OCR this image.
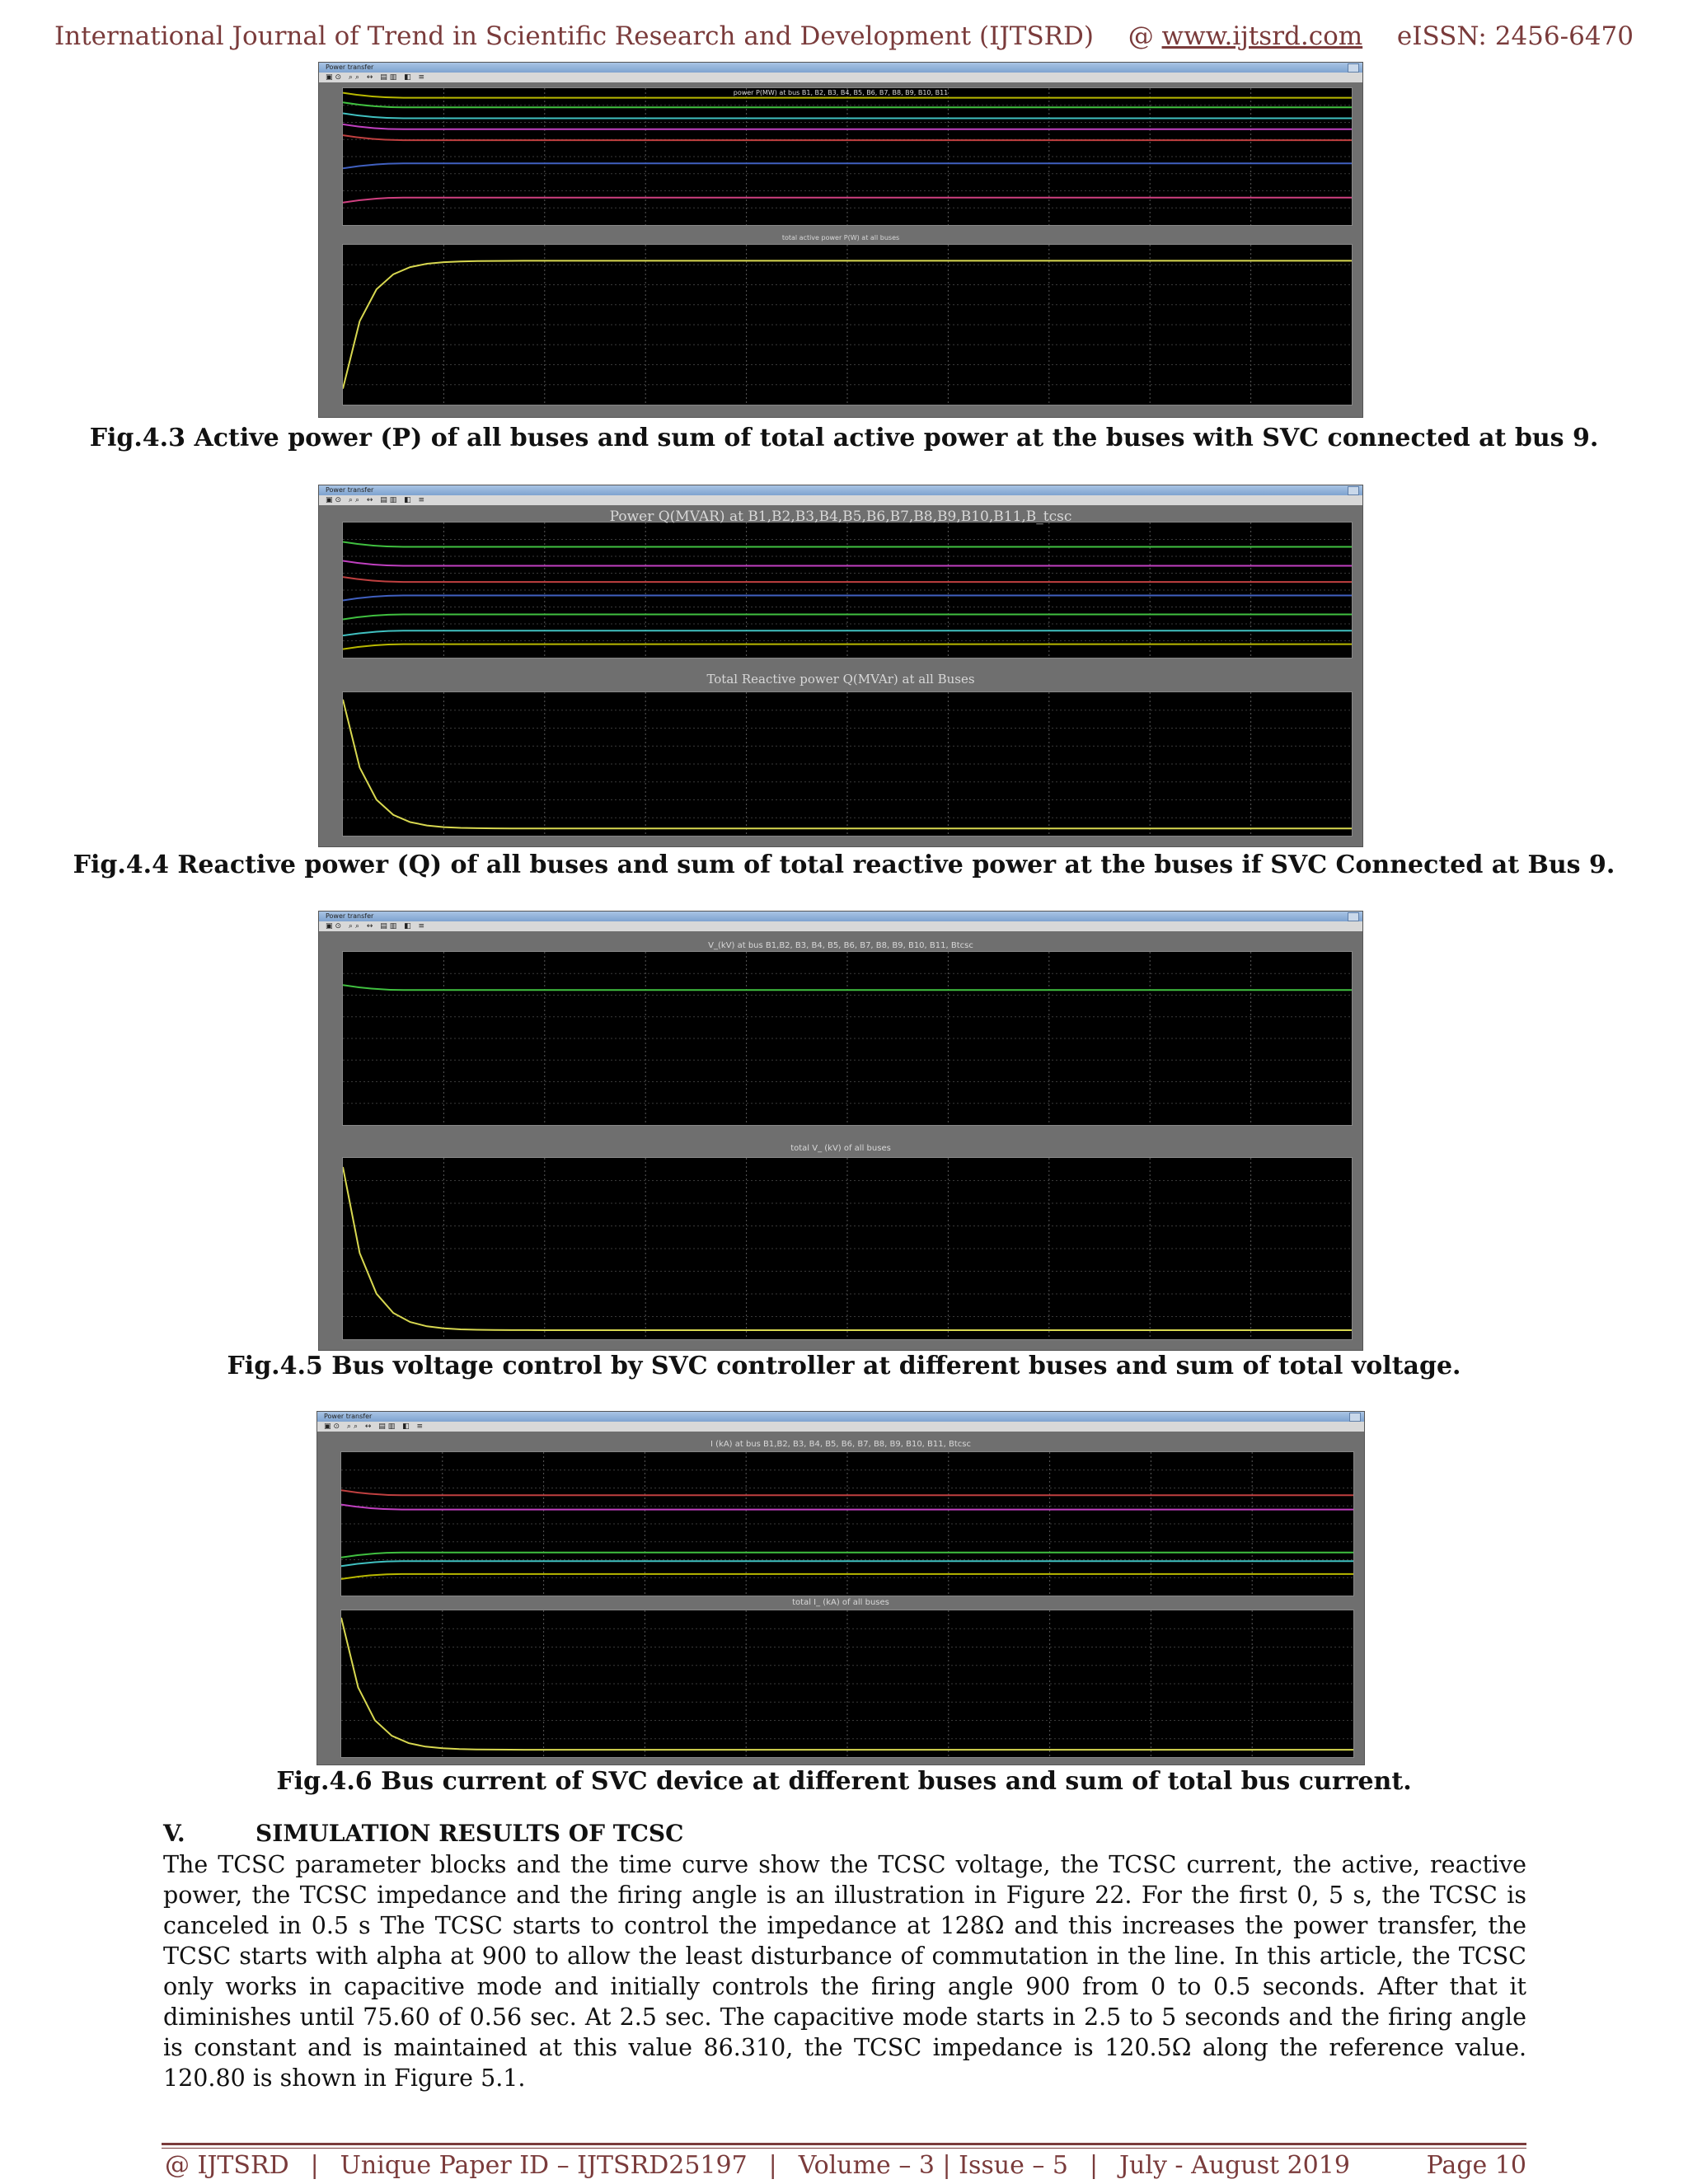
International Journal of Trend in Scientific Research and Development (IJTSRD) @ www.ijtsrd.com eISSN: 2456-6470
Power transfer
▣⊙ ⌕⌕ ↔ ▤▥ ◧ ≡
power P(MW) at bus B1, B2, B3, B4, B5, B6, B7, B8, B9, B10, B11
total active power P(W) at all buses
Fig.4.3 Active power (P) of all buses and sum of total active power at the buses with SVC connected at bus 9.
Power transfer
▣⊙ ⌕⌕ ↔ ▤▥ ◧ ≡
Power Q(MVAR) at B1,B2,B3,B4,B5,B6,B7,B8,B9,B10,B11,B_tcsc
Total Reactive power Q(MVAr) at all Buses
Fig.4.4 Reactive power (Q) of all buses and sum of total reactive power at the buses if SVC Connected at Bus 9.
Power transfer
▣⊙ ⌕⌕ ↔ ▤▥ ◧ ≡
V_(kV) at bus B1,B2, B3, B4, B5, B6, B7, B8, B9, B10, B11, Btcsc
total V_ (kV) of all buses
Fig.4.5 Bus voltage control by SVC controller at different buses and sum of total voltage.
Power transfer
▣⊙ ⌕⌕ ↔ ▤▥ ◧ ≡
I (kA) at bus B1,B2, B3, B4, B5, B6, B7, B8, B9, B10, B11, Btcsc
total I_ (kA) of all buses
Fig.4.6 Bus current of SVC device at different buses and sum of total bus current.
V.	SIMULATION RESULTS OF TCSC
The TCSC parameter blocks and the time curve show the TCSC voltage, the TCSC current, the active, reactive power, the TCSC impedance and the firing angle is an illustration in Figure 22. For the first 0, 5 s, the TCSC is canceled in 0.5 s The TCSC starts to control the impedance at 128Ω and this increases the power transfer, the TCSC starts with alpha at 900 to allow the least disturbance of commutation in the line. In this article, the TCSC only works in capacitive mode and initially controls the firing angle 900 from 0 to 0.5 seconds. After that it diminishes until 75.60 of 0.56 sec. At 2.5 sec. The capacitive mode starts in 2.5 to 5 seconds and the firing angle is constant and is maintained at this value 86.310, the TCSC impedance is 120.5Ω along the reference value. 120.80 is shown in Figure 5.1.
@ IJTSRD | Unique Paper ID – IJTSRD25197 | Volume – 3 | Issue – 5 | July - August 2019	Page 10
